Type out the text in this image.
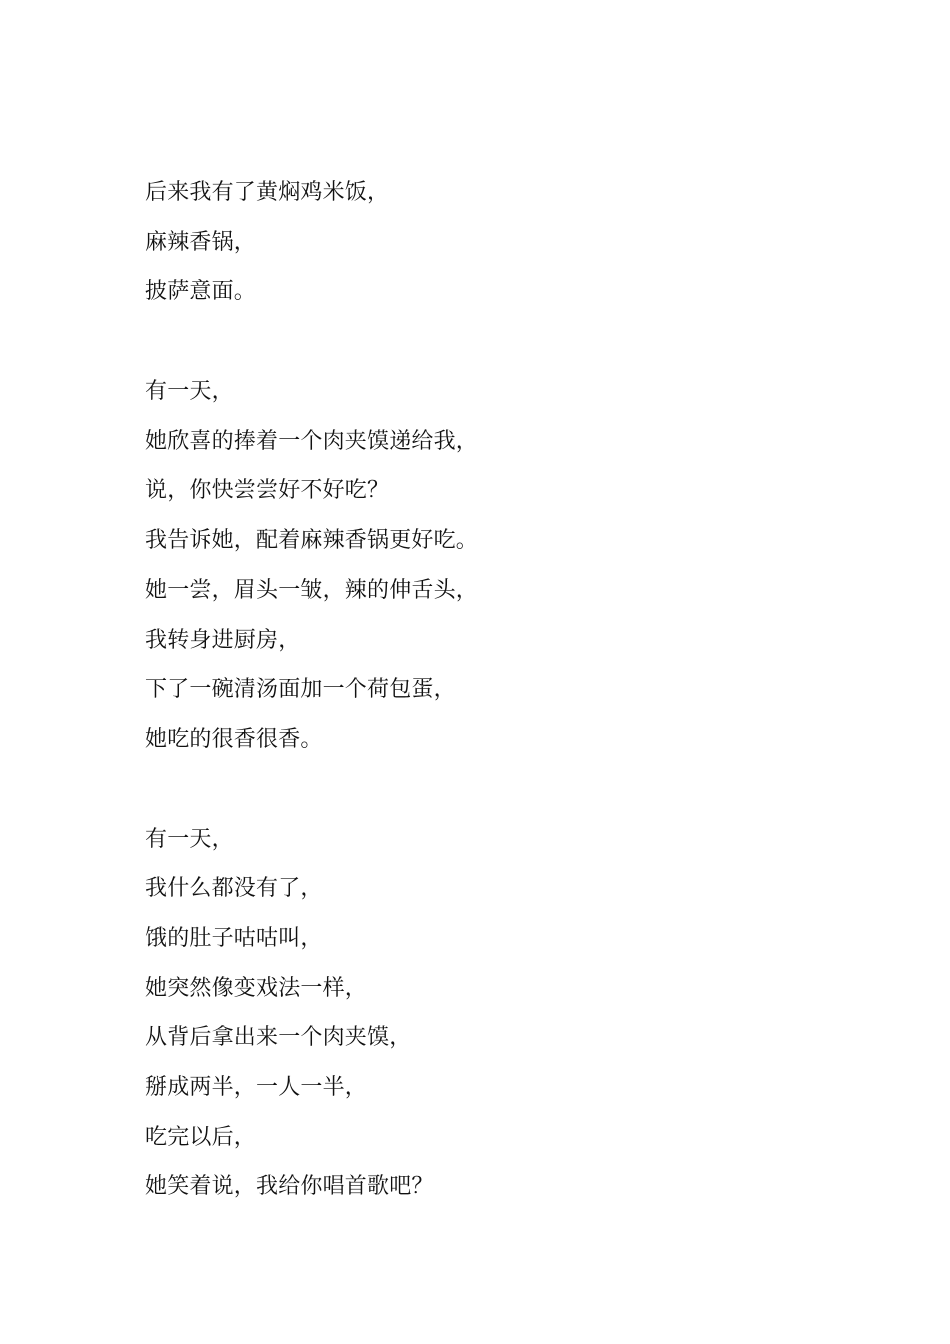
后来我有了黄焖鸡米饭，
麻辣香锅，
披萨意面。
有一天，
她欣喜的捧着一个肉夹馍递给我，
说，你快尝尝好不好吃？
我告诉她，配着麻辣香锅更好吃。
她一尝，眉头一皱，辣的伸舌头，
我转身进厨房，
下了一碗清汤面加一个荷包蛋，
她吃的很香很香。
有一天，
我什么都没有了，
饿的肚子咕咕叫，
她突然像变戏法一样，
从背后拿出来一个肉夹馍，
掰成两半，一人一半，
吃完以后，
她笑着说，我给你唱首歌吧？
